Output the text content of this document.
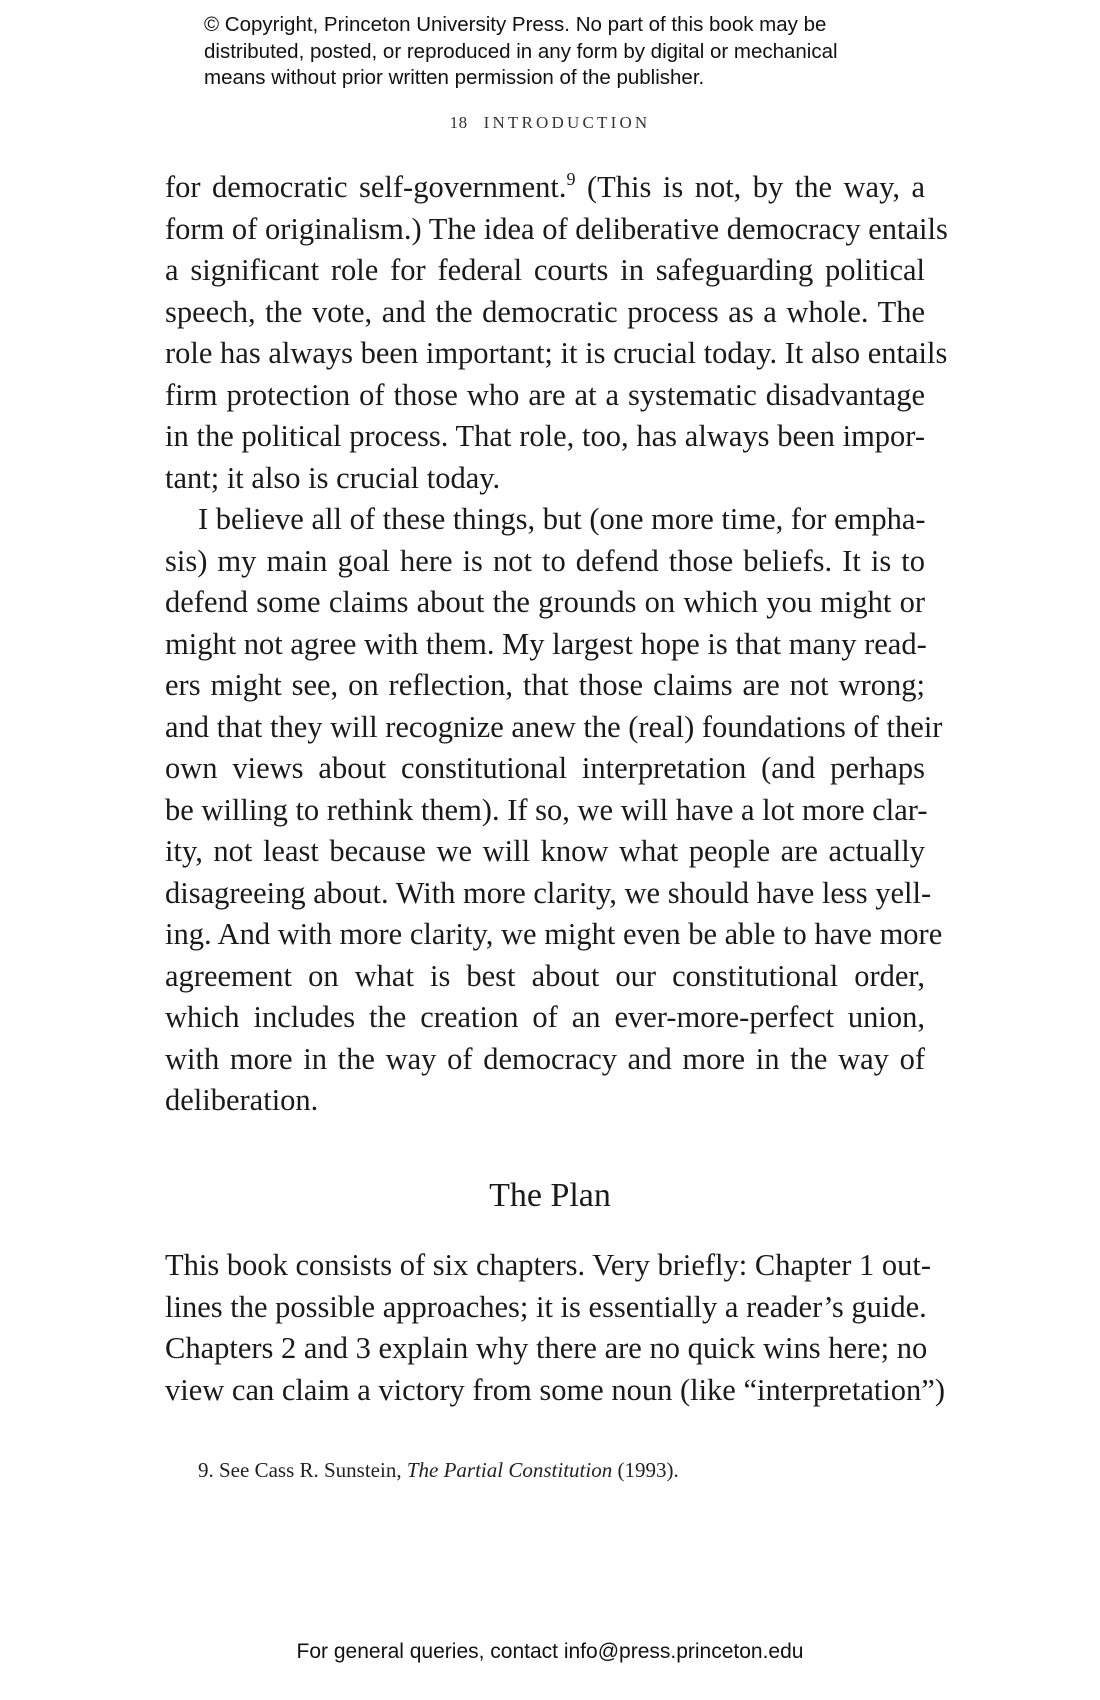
© Copyright, Princeton University Press. No part of this book may be
distributed, posted, or reproduced in any form by digital or mechanical
means without prior written permission of the publisher.
18 INTRODUCTION
for democratic self-government.$^9$ (This is not, by the way, a
form of originalism.) The idea of deliberative democracy entails
a significant role for federal courts in safeguarding political
speech, the vote, and the democratic process as a whole. The
role has always been important; it is crucial today. It also entails
firm protection of those who are at a systematic disadvantage
in the political process. That role, too, has always been impor-
tant; it also is crucial today.
I believe all of these things, but (one more time, for empha-
sis) my main goal here is not to defend those beliefs. It is to
defend some claims about the grounds on which you might or
might not agree with them. My largest hope is that many read-
ers might see, on reflection, that those claims are not wrong;
and that they will recognize anew the (real) foundations of their
own views about constitutional interpretation (and perhaps
be willing to rethink them). If so, we will have a lot more clar-
ity, not least because we will know what people are actually
disagreeing about. With more clarity, we should have less yell-
ing. And with more clarity, we might even be able to have more
agreement on what is best about our constitutional order,
which includes the creation of an ever-more-perfect union,
with more in the way of democracy and more in the way of
deliberation.
The Plan
This book consists of six chapters. Very briefly: Chapter 1 out-
lines the possible approaches; it is essentially a reader’s guide.
Chapters 2 and 3 explain why there are no quick wins here; no
view can claim a victory from some noun (like “interpretation”)
9. See Cass R. Sunstein, The Partial Constitution (1993).
For general queries, contact info@press.princeton.edu
